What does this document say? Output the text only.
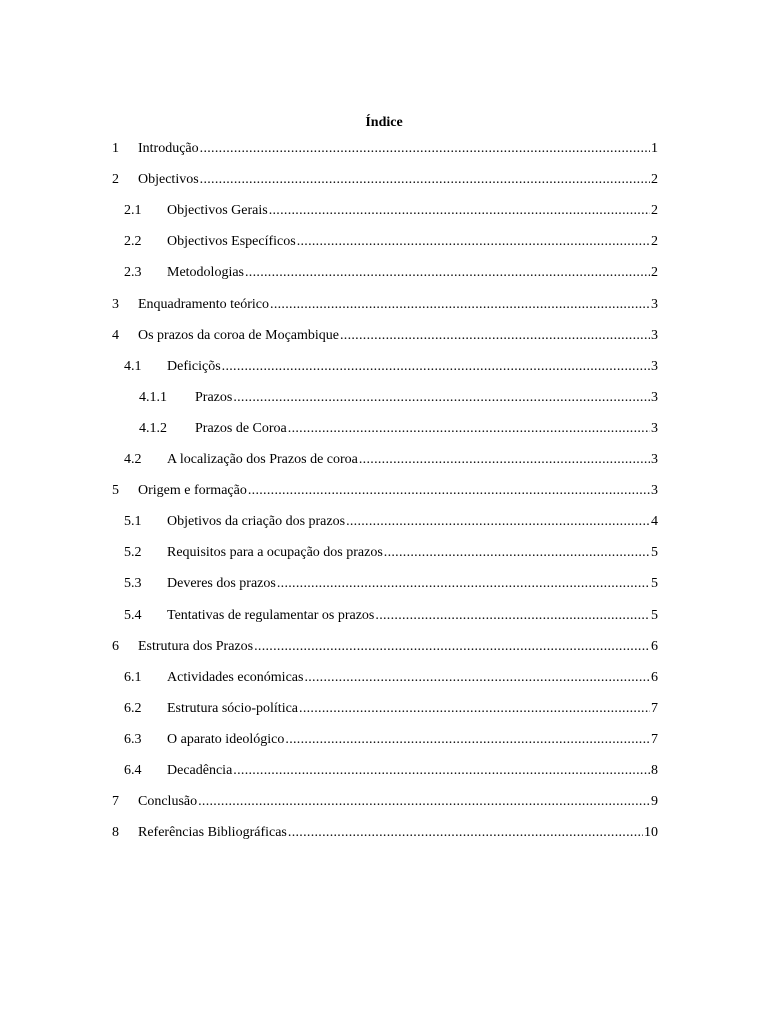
Índice
1 Introdução .....	1
2 Objectivos .....	2
2.1 Objectivos Gerais .....	2
2.2 Objectivos Específicos .....	2
2.3 Metodologias .....	2
3 Enquadramento teórico .....	3
4 Os prazos da coroa de Moçambique .....	3
4.1 Deficiçõs .....	3
4.1.1 Prazos .....	3
4.1.2 Prazos de Coroa .....	3
4.2 A localização dos Prazos de coroa .....	3
5 Origem e formação .....	3
5.1 Objetivos da criação dos prazos .....	4
5.2 Requisitos para a ocupação dos prazos .....	5
5.3 Deveres dos prazos .....	5
5.4 Tentativas de regulamentar os prazos .....	5
6 Estrutura dos Prazos .....	6
6.1 Actividades económicas .....	6
6.2 Estrutura sócio-política .....	7
6.3 O aparato ideológico .....	7
6.4 Decadência .....	8
7 Conclusão .....	9
8 Referências Bibliográficas .....	10
